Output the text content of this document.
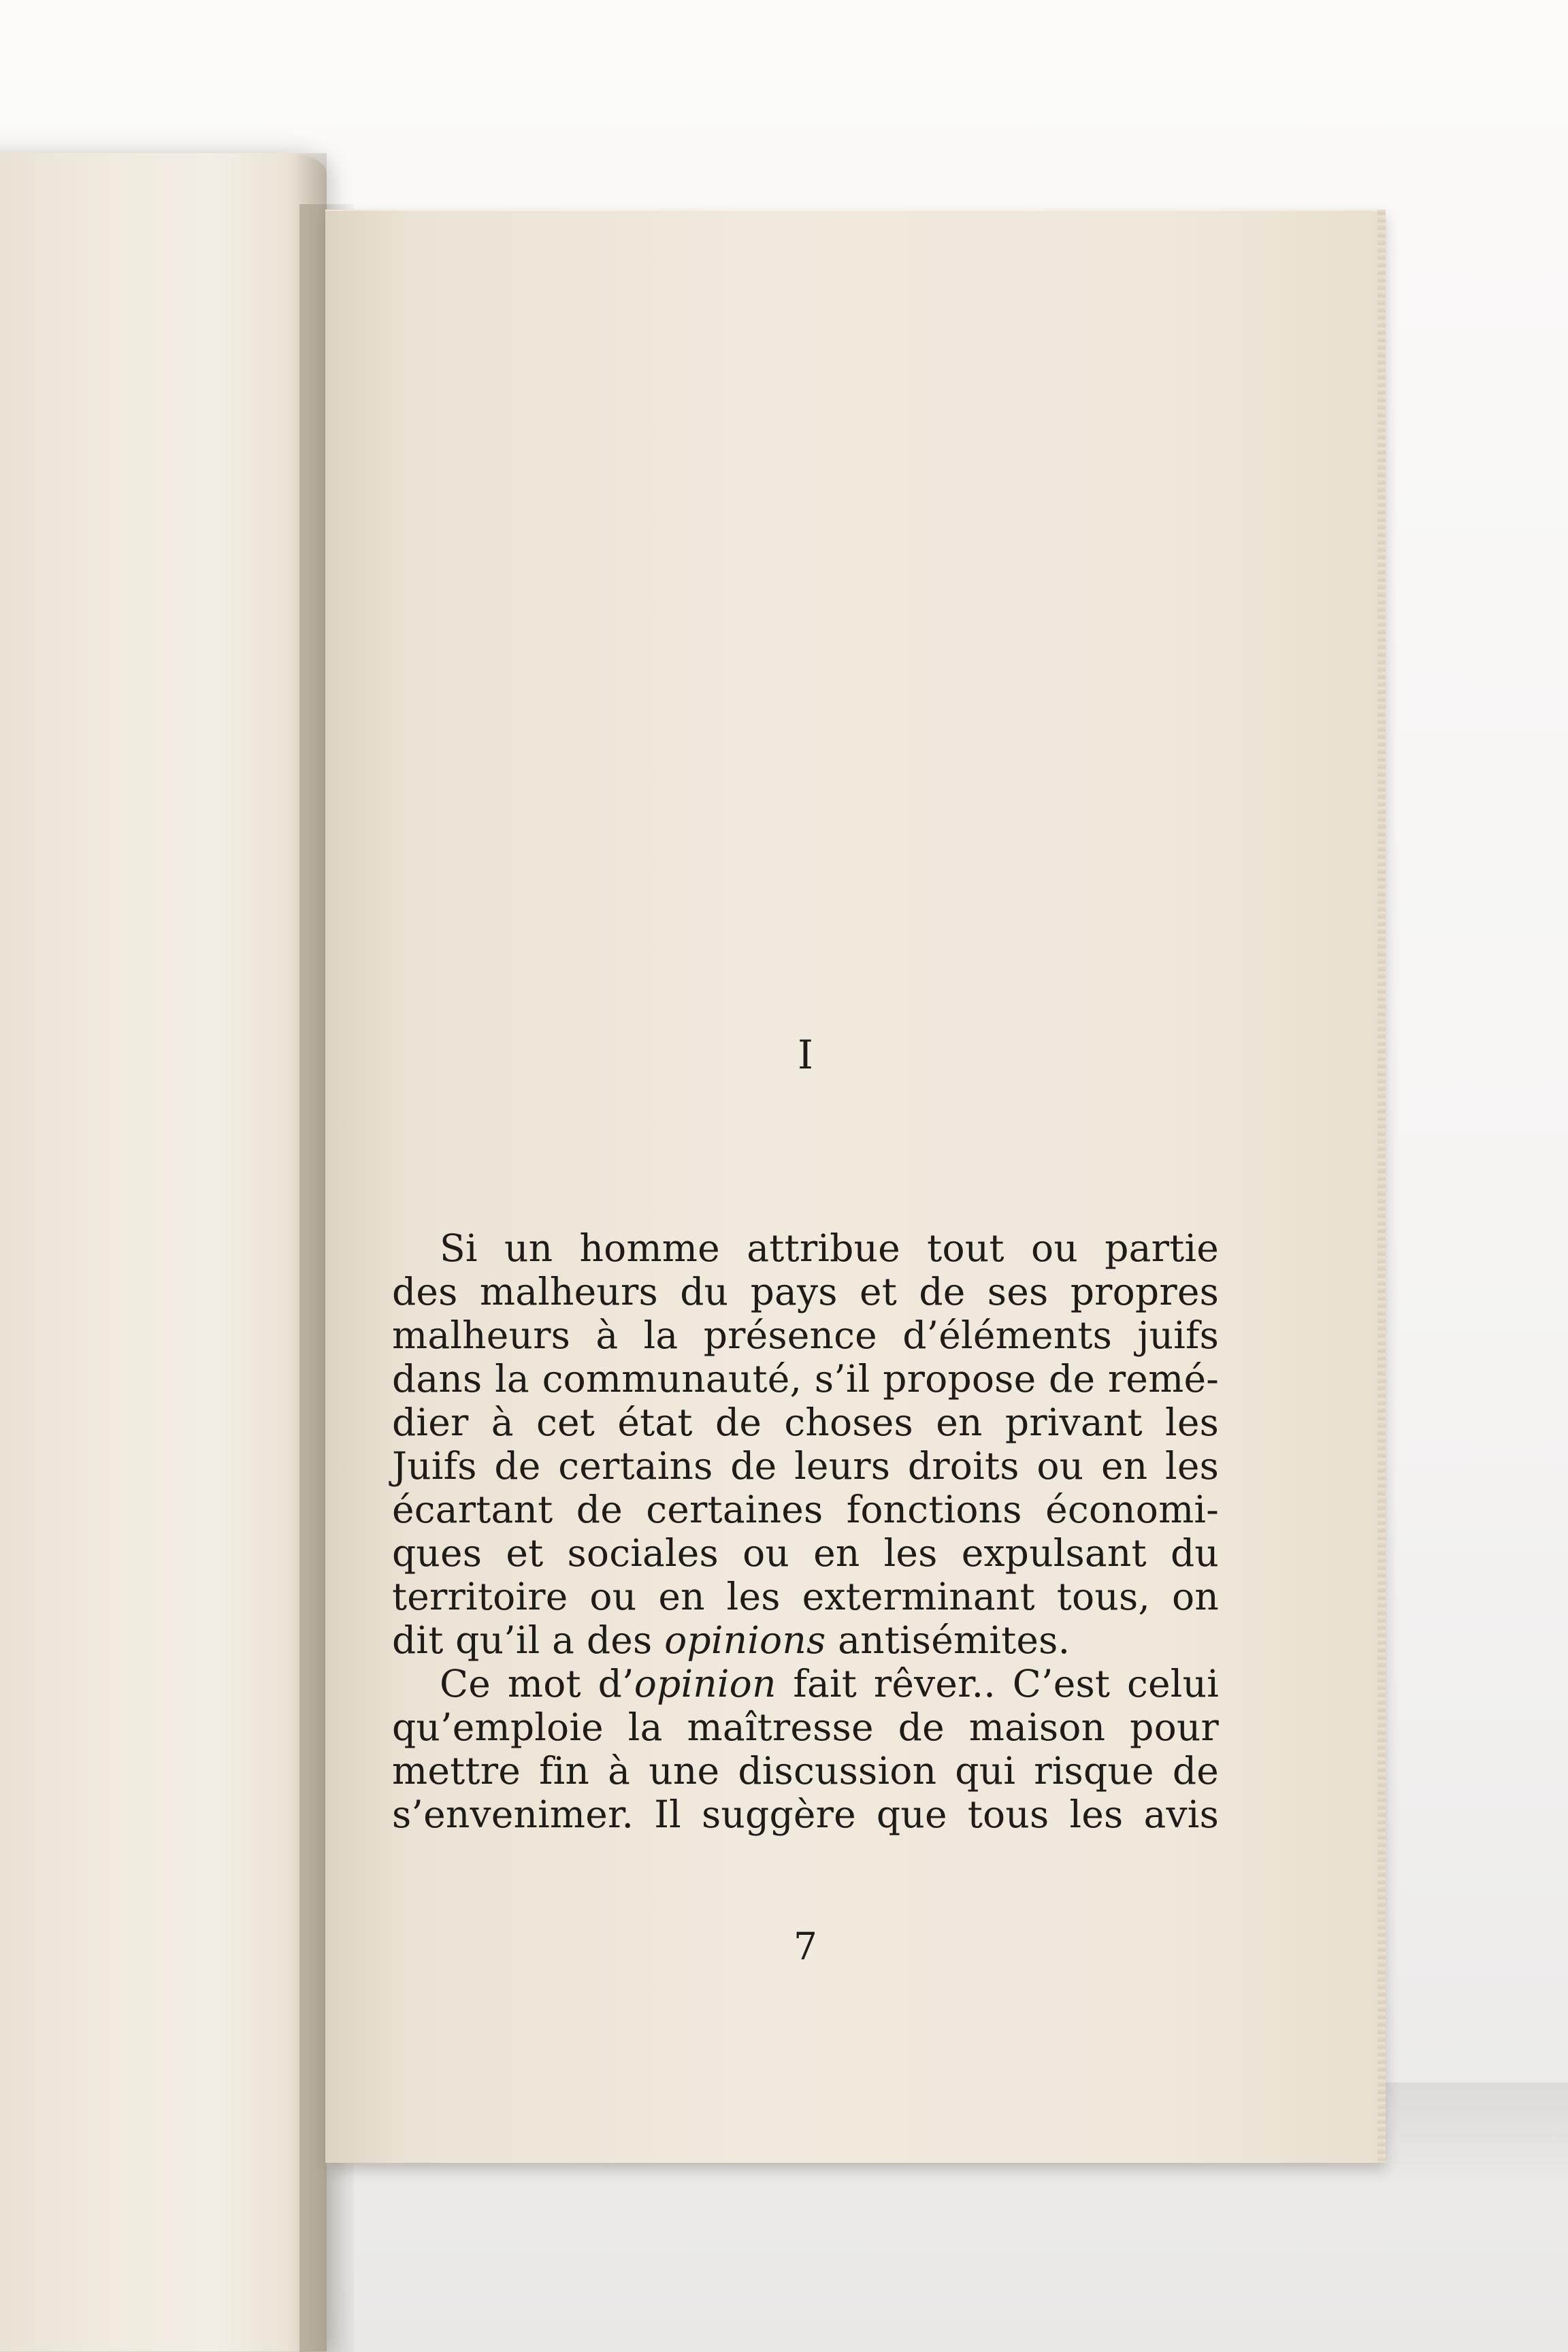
I
Si un homme attribue tout ou partie
des malheurs du pays et de ses propres
malheurs à la présence d’éléments juifs
dans la communauté, s’il propose de remé-
dier à cet état de choses en privant les
Juifs de certains de leurs droits ou en les
écartant de certaines fonctions économi-
ques et sociales ou en les expulsant du
territoire ou en les exterminant tous, on
dit qu’il a des opinions antisémites.
Ce mot d’opinion fait rêver.. C’est celui
qu’emploie la maîtresse de maison pour
mettre fin à une discussion qui risque de
s’envenimer. Il suggère que tous les avis
7
